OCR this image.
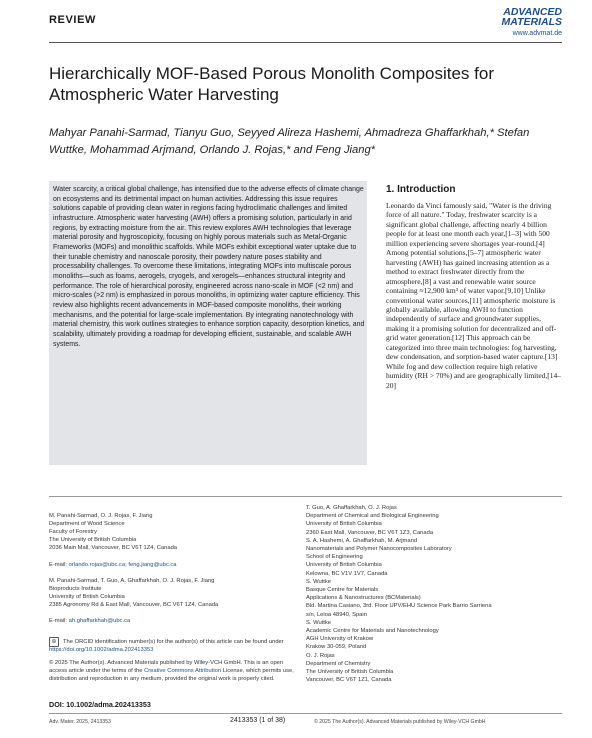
REVIEW
ADVANCED
MATERIALS
www.advmat.de
Hierarchically MOF-Based Porous Monolith Composites for Atmospheric Water Harvesting
Mahyar Panahi-Sarmad, Tianyu Guo, Seyyed Alireza Hashemi, Ahmadreza Ghaffarkhah,* Stefan Wuttke, Mohammad Arjmand, Orlando J. Rojas,* and Feng Jiang*
Water scarcity, a critical global challenge, has intensified due to the adverse effects of climate change on ecosystems and its detrimental impact on human activities. Addressing this issue requires solutions capable of providing clean water in regions facing hydroclimatic challenges and limited infrastructure. Atmospheric water harvesting (AWH) offers a promising solution, particularly in arid regions, by extracting moisture from the air. This review explores AWH technologies that leverage material porosity and hygroscopicity, focusing on highly porous materials such as Metal-Organic Frameworks (MOFs) and monolithic scaffolds. While MOFs exhibit exceptional water uptake due to their tunable chemistry and nanoscale porosity, their powdery nature poses stability and processability challenges. To overcome these limitations, integrating MOFs into multiscale porous monoliths—such as foams, aerogels, cryogels, and xerogels—enhances structural integrity and performance. The role of hierarchical porosity, engineered across nano-scale in MOF (<2 nm) and micro-scales (>2 nm) is emphasized in porous monoliths, in optimizing water capture efficiency. This review also highlights recent advancements in MOF-based composite monoliths, their working mechanisms, and the potential for large-scale implementation. By integrating nanotechnology with material chemistry, this work outlines strategies to enhance sorption capacity, desorption kinetics, and scalability, ultimately providing a roadmap for developing efficient, sustainable, and scalable AWH systems.
1. Introduction
Leonardo da Vinci famously said, "Water is the driving force of all nature." Today, freshwater scarcity is a significant global challenge, affecting nearly 4 billion people for at least one month each year,[1–3] with 500 million experiencing severe shortages year-round.[4] Among potential solutions,[5–7] atmospheric water harvesting (AWH) has gained increasing attention as a method to extract freshwater directly from the atmosphere,[8] a vast and renewable water source containing ≈12,900 km³ of water vapor.[9,10] Unlike conventional water sources,[11] atmospheric moisture is globally available, allowing AWH to function independently of surface and groundwater supplies, making it a promising solution for decentralized and off-grid water generation.[12] This approach can be categorized into three main technologies: fog harvesting, dew condensation, and sorption-based water capture.[13] While fog and dew collection require high relative humidity (RH > 70%) and are geographically limited,[14–20]

M. Panahi-Sarmad, O. J. Rojas, F. Jiang
Department of Wood Science
Faculty of Forestry
The University of British Columbia
2036 Main Mall, Vancouver, BC V6T 1Z4, Canada

E-mail: orlando.rojas@ubc.ca; feng.jiang@ubc.ca

M. Panahi-Sarmad, T. Guo, A. Ghaffarkhah, O. J. Rojas, F. Jiang
Bioproducts Institute
University of British Columbia
2385 Agronomy Rd & East Mall, Vancouver, BC V6T 1Z4, Canada

E-mail: ah.ghaffarkhah@ubc.ca

T. Guo, A. Ghaffarkhah, O. J. Rojas
Department of Chemical and Biological Engineering
University of British Columbia
2360 East Mall, Vancouver, BC V6T 1Z3, Canada
S. A. Hashemi, A. Ghaffarkhah, M. Arjmand
Nanomaterials and Polymer Nanocomposites Laboratory
School of Engineering
University of British Columbia
Kelowna, BC V1V 1V7, Canada
S. Wuttke
Basque Centre for Materials
Applications & Nanostructures (BCMaterials)
Bld. Martina Casiano, 3rd. Floor UPV/EHU Science Park Barrio Sarriena
s/n, Leioa 48940, Spain
S. Wuttke
Academic Centre for Materials and Nanotechnology
AGH University of Krakow
Krakow 30-059, Poland
O. J. Rojas
Department of Chemistry
The University of British Columbia
Vancouver, BC V6T 1Z1, Canada
⊕	The ORCID identification number(s) for the author(s) of this article can be found under https://doi.org/10.1002/adma.202413353
© 2025 The Author(s). Advanced Materials published by Wiley-VCH GmbH. This is an open access article under the terms of the Creative Commons Attribution License, which permits use, distribution and reproduction in any medium, provided the original work is properly cited.
DOI: 10.1002/adma.202413353
Adv. Mater. 2025, 2413353	2413353 (1 of 38)	© 2025 The Author(s). Advanced Materials published by Wiley-VCH GmbH
